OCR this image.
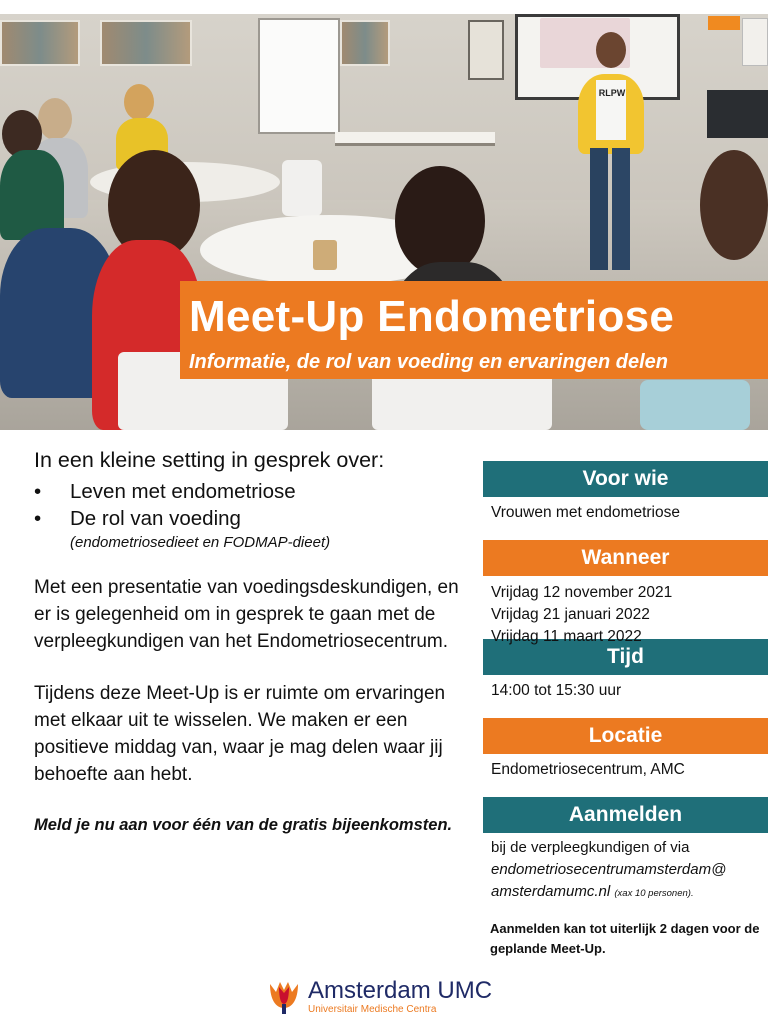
RLPW
Meet-Up Endometriose
Informatie, de rol van voeding en ervaringen delen
In een kleine setting in gesprek over:
• Leven met endometriose
• De rol van voeding
(endometriosedieet en FODMAP-dieet)

Met een presentatie van voedingsdeskundigen, en er is gelegenheid om in gesprek te gaan met de verpleegkundigen van het Endometriosecentrum.

Tijdens deze Meet-Up is er ruimte om ervaringen met elkaar uit te wisselen. We maken er een positieve middag van, waar je mag delen waar jij behoefte aan hebt.

Meld je nu aan voor één van de gratis bijeenkomsten.

Voor wie
Vrouwen met endometriose
Wanneer
Vrijdag 12 november 2021
Vrijdag 21 januari 2022
Vrijdag 11 maart 2022
Tijd
14:00 tot 15:30 uur
Locatie
Endometriosecentrum, AMC
Aanmelden
bij de verpleegkundigen of via
endometriosecentrumamsterdam@
amsterdamumc.nl (xax 10 personen).
Aanmelden kan tot uiterlijk 2 dagen voor de geplande Meet-Up.
Amsterdam UMC
Universitair Medische Centra
